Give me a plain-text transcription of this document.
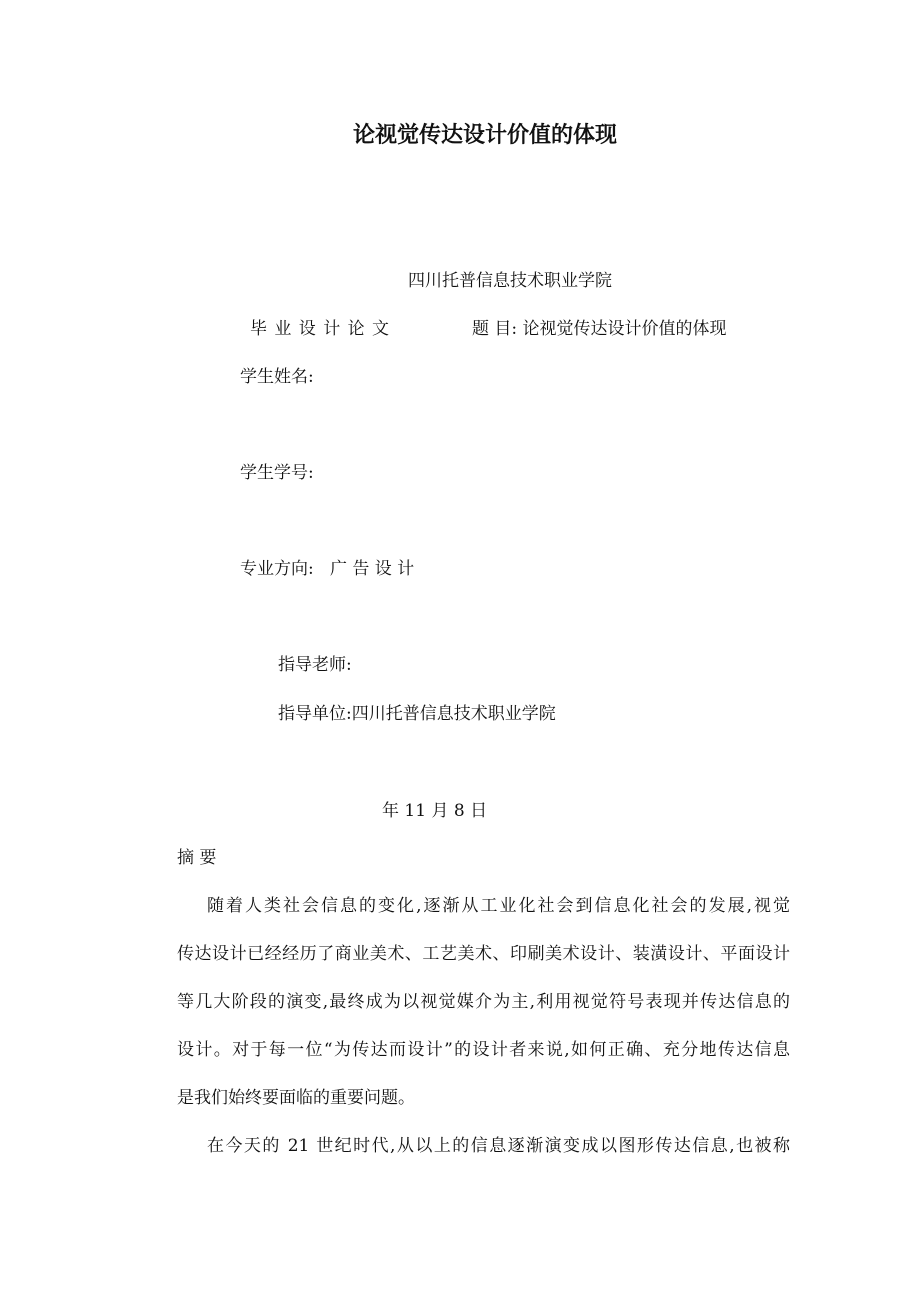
论视觉传达设计价值的体现
四川托普信息技术职业学院
毕 业 设 计 论 文	题 目: 论视觉传达设计价值的体现
学生姓名:
学生学号:
专业方向:   广 告 设 计
指导老师:
指导单位:四川托普信息技术职业学院
年 11 月 8 日
摘 要
随着人类社会信息的变化,逐渐从工业化社会到信息化社会的发展,视觉
传达设计已经经历了商业美术、工艺美术、印刷美术设计、装潢设计、平面设计
等几大阶段的演变,最终成为以视觉媒介为主,利用视觉符号表现并传达信息的
设计。对于每一位“为传达而设计”的设计者来说,如何正确、充分地传达信息
是我们始终要面临的重要问题。
在今天的 21 世纪时代,从以上的信息逐渐演变成以图形传达信息,也被称
